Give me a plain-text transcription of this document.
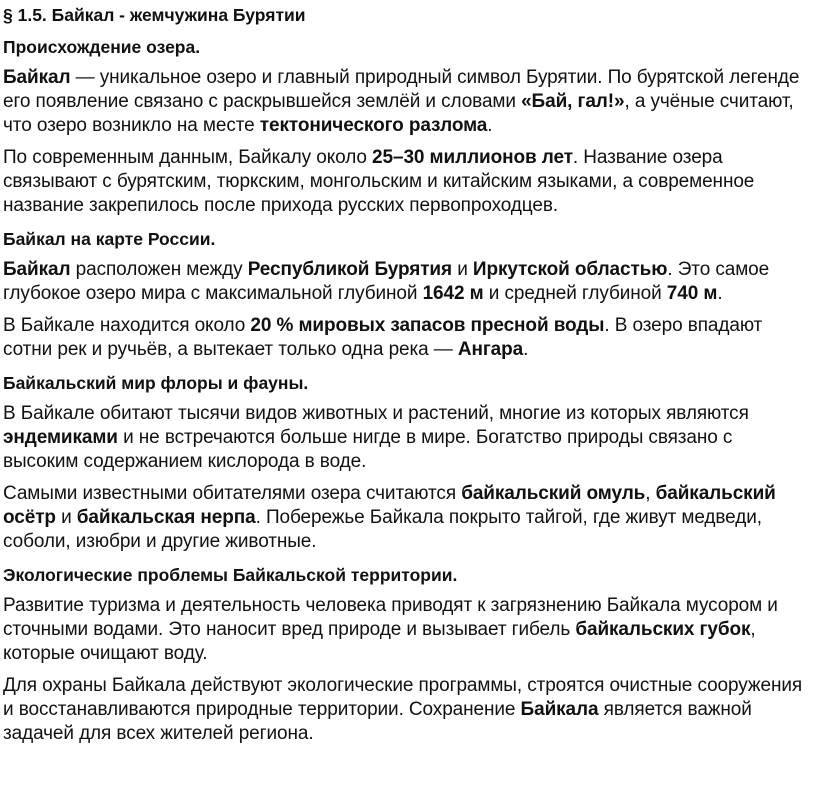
§ 1.5. Байкал - жемчужина Бурятии
Происхождение озера.

Байкал — уникальное озеро и главный природный символ Бурятии. По бурятской легенде его появление связано с раскрывшейся землёй и словами «Бай, гал!», а учёные считают, что озеро возникло на месте тектонического разлома.

По современным данным, Байкалу около 25–30 миллионов лет. Название озера связывают с бурятским, тюркским, монгольским и китайским языками, а современное название закрепилось после прихода русских первопроходцев.

Байкал на карте России.

Байкал расположен между Республикой Бурятия и Иркутской областью. Это самое глубокое озеро мира с максимальной глубиной 1642 м и средней глубиной 740 м.

В Байкале находится около 20 % мировых запасов пресной воды. В озеро впадают сотни рек и ручьёв, а вытекает только одна река — Ангара.

Байкальский мир флоры и фауны.

В Байкале обитают тысячи видов животных и растений, многие из которых являются эндемиками и не встречаются больше нигде в мире. Богатство природы связано с высоким содержанием кислорода в воде.

Самыми известными обитателями озера считаются байкальский омуль, байкальский осётр и байкальская нерпа. Побережье Байкала покрыто тайгой, где живут медведи, соболи, изюбри и другие животные.

Экологические проблемы Байкальской территории.

Развитие туризма и деятельность человека приводят к загрязнению Байкала мусором и сточными водами. Это наносит вред природе и вызывает гибель байкальских губок, которые очищают воду.

Для охраны Байкала действуют экологические программы, строятся очистные сооружения и восстанавливаются природные территории. Сохранение Байкала является важной задачей для всех жителей региона.
